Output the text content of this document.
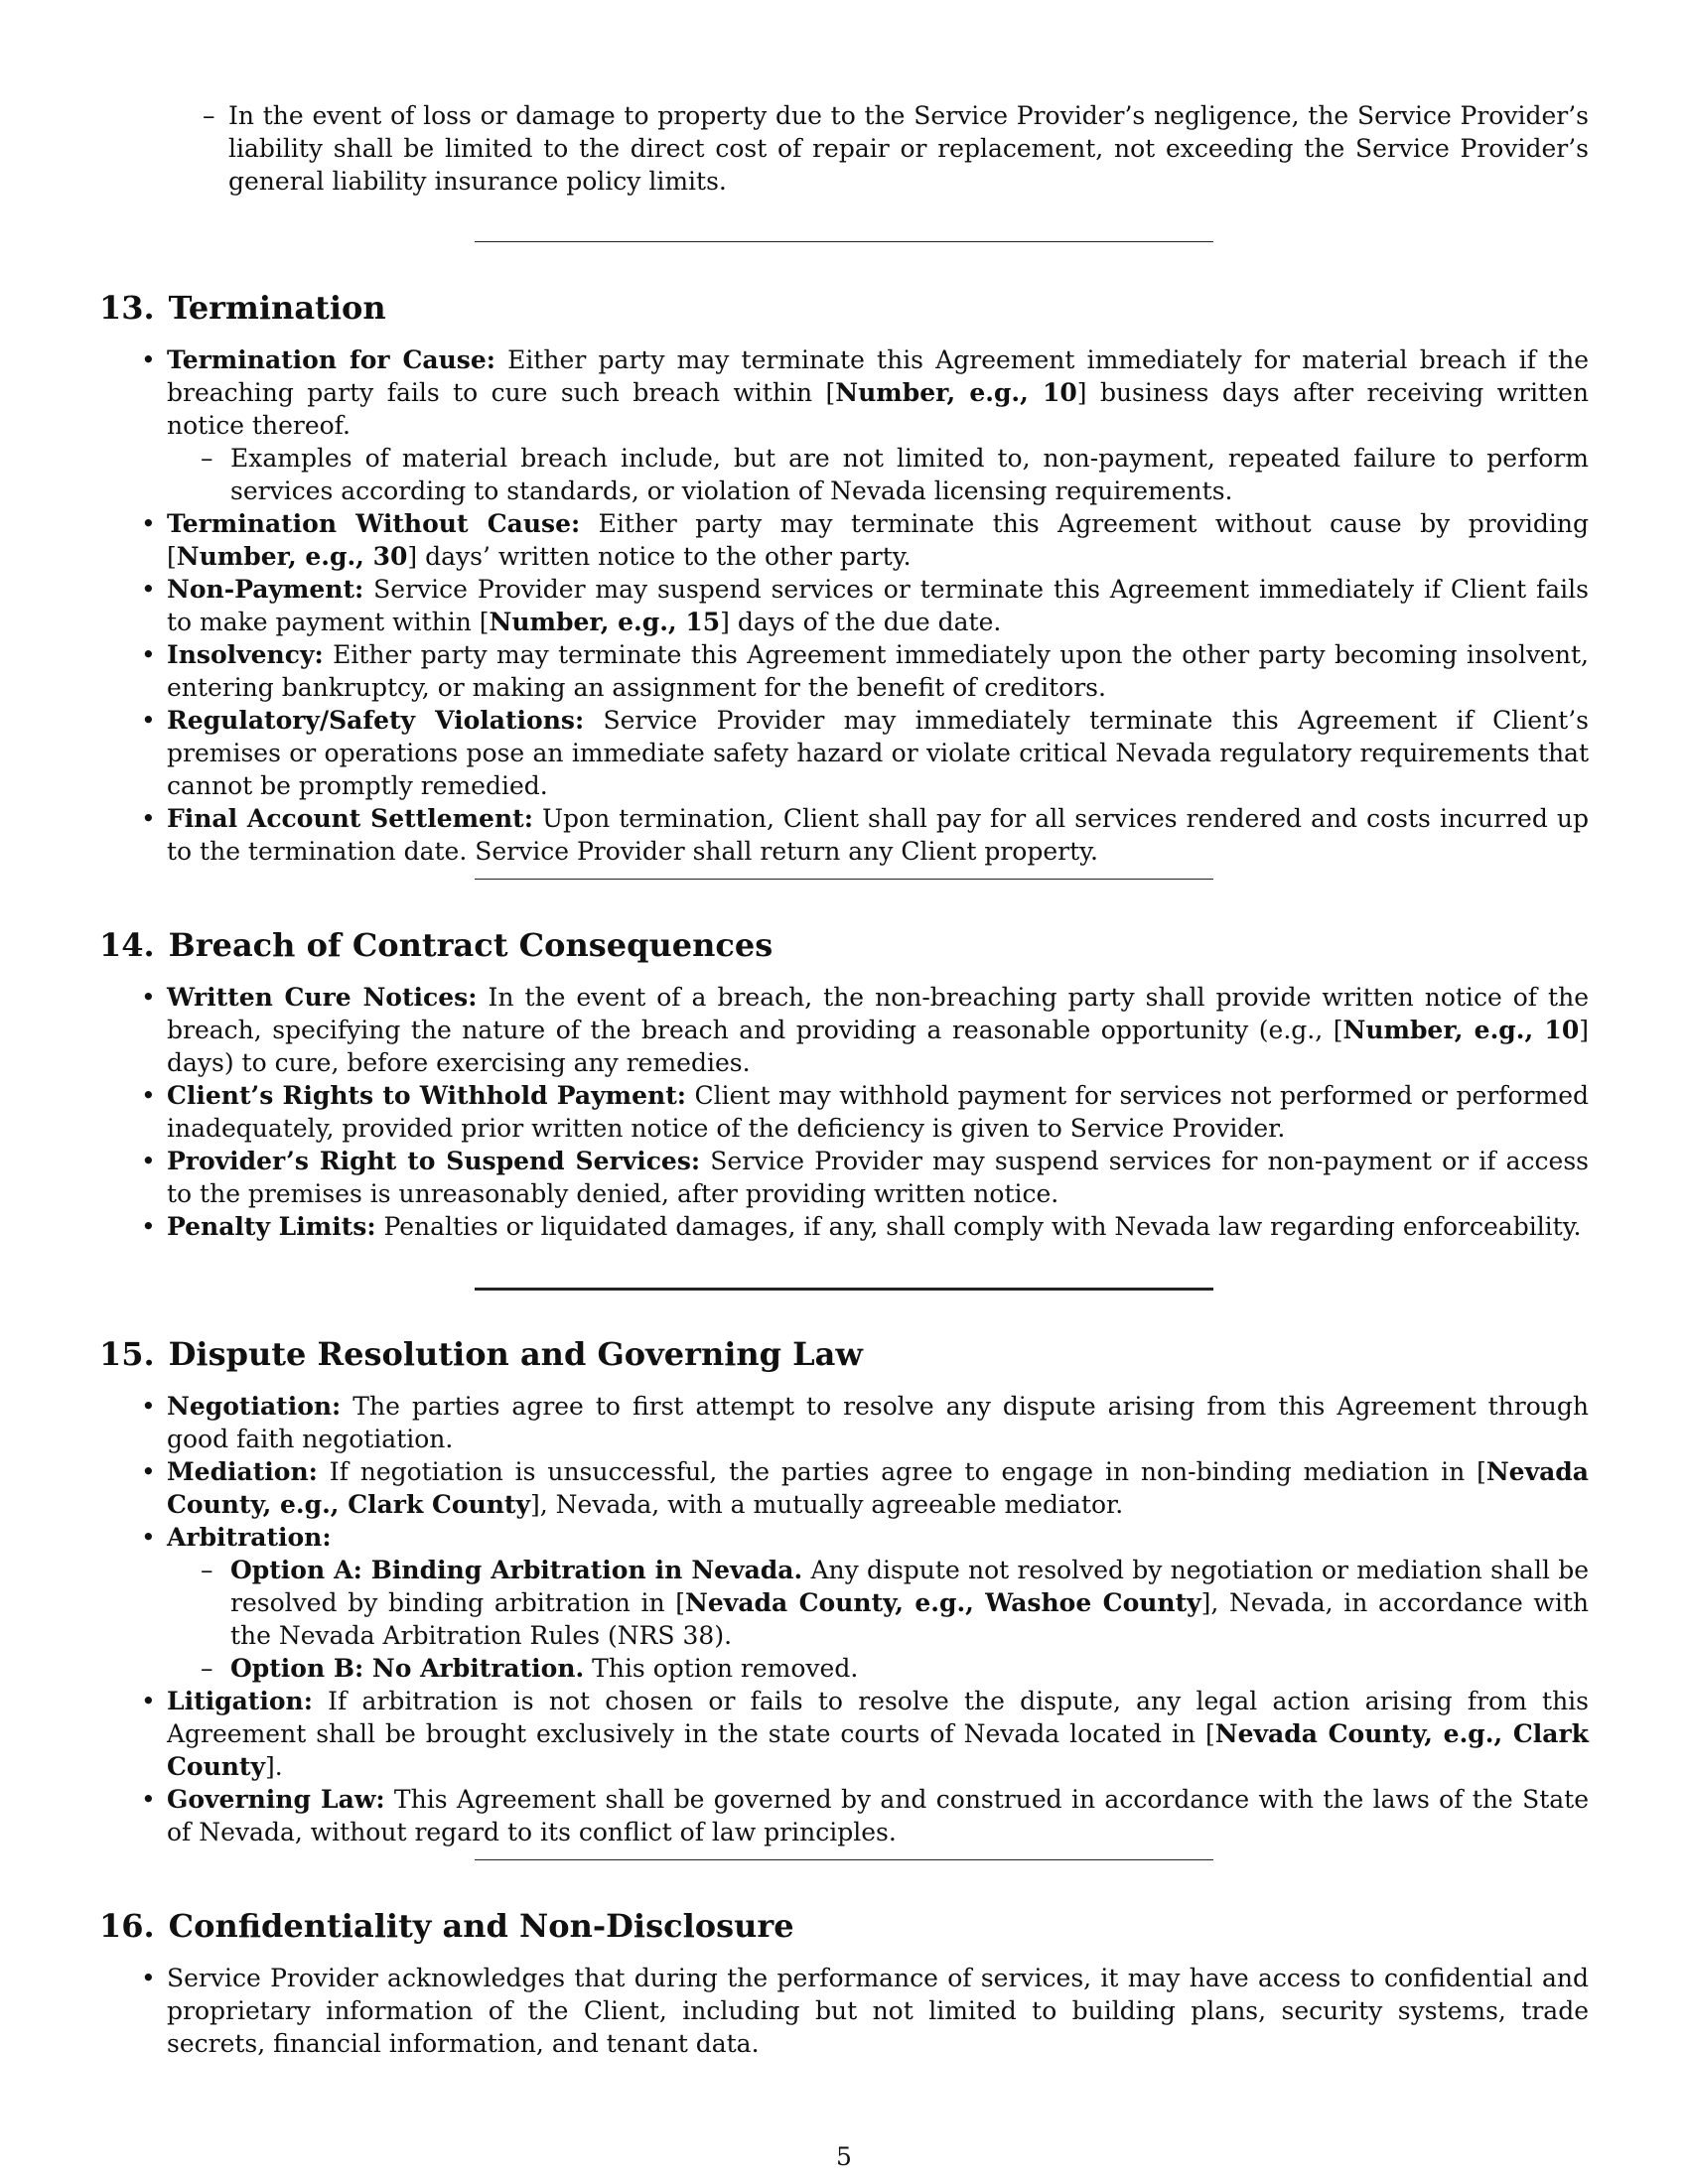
– In the event of loss or damage to property due to the Service Provider’s negligence, the Service Provider’s liability shall be limited to the direct cost of repair or replacement, not exceeding the Service Provider’s general liability insurance policy limits.
13. Termination
• Termination for Cause: Either party may terminate this Agreement immediately for material breach if the breaching party fails to cure such breach within [Number, e.g., 10] business days after receiving written notice thereof.
– Examples of material breach include, but are not limited to, non-payment, repeated failure to perform services according to standards, or violation of Nevada licensing requirements.
• Termination Without Cause: Either party may terminate this Agreement without cause by providing [Number, e.g., 30] days’ written notice to the other party.
• Non-Payment: Service Provider may suspend services or terminate this Agreement immediately if Client fails to make payment within [Number, e.g., 15] days of the due date.
• Insolvency: Either party may terminate this Agreement immediately upon the other party becoming insolvent, entering bankruptcy, or making an assignment for the benefit of creditors.
• Regulatory/Safety Violations: Service Provider may immediately terminate this Agreement if Client’s premises or operations pose an immediate safety hazard or violate critical Nevada regulatory requirements that cannot be promptly remedied.
• Final Account Settlement: Upon termination, Client shall pay for all services rendered and costs incurred up to the termination date. Service Provider shall return any Client property.
14. Breach of Contract Consequences
• Written Cure Notices: In the event of a breach, the non-breaching party shall provide written notice of the breach, specifying the nature of the breach and providing a reasonable opportunity (e.g., [Number, e.g., 10] days) to cure, before exercising any remedies.
• Client’s Rights to Withhold Payment: Client may withhold payment for services not performed or performed inadequately, provided prior written notice of the deficiency is given to Service Provider.
• Provider’s Right to Suspend Services: Service Provider may suspend services for non-payment or if access to the premises is unreasonably denied, after providing written notice.
• Penalty Limits: Penalties or liquidated damages, if any, shall comply with Nevada law regarding enforceability.
15. Dispute Resolution and Governing Law
• Negotiation: The parties agree to first attempt to resolve any dispute arising from this Agreement through good faith negotiation.
• Mediation: If negotiation is unsuccessful, the parties agree to engage in non-binding mediation in [Nevada County, e.g., Clark County], Nevada, with a mutually agreeable mediator.
• Arbitration:
– Option A: Binding Arbitration in Nevada. Any dispute not resolved by negotiation or mediation shall be resolved by binding arbitration in [Nevada County, e.g., Washoe County], Nevada, in accordance with the Nevada Arbitration Rules (NRS 38).
– Option B: No Arbitration. This option removed.
• Litigation: If arbitration is not chosen or fails to resolve the dispute, any legal action arising from this Agreement shall be brought exclusively in the state courts of Nevada located in [Nevada County, e.g., Clark County].
• Governing Law: This Agreement shall be governed by and construed in accordance with the laws of the State of Nevada, without regard to its conflict of law principles.
16. Confidentiality and Non-Disclosure
• Service Provider acknowledges that during the performance of services, it may have access to confidential and proprietary information of the Client, including but not limited to building plans, security systems, trade secrets, financial information, and tenant data.
5
